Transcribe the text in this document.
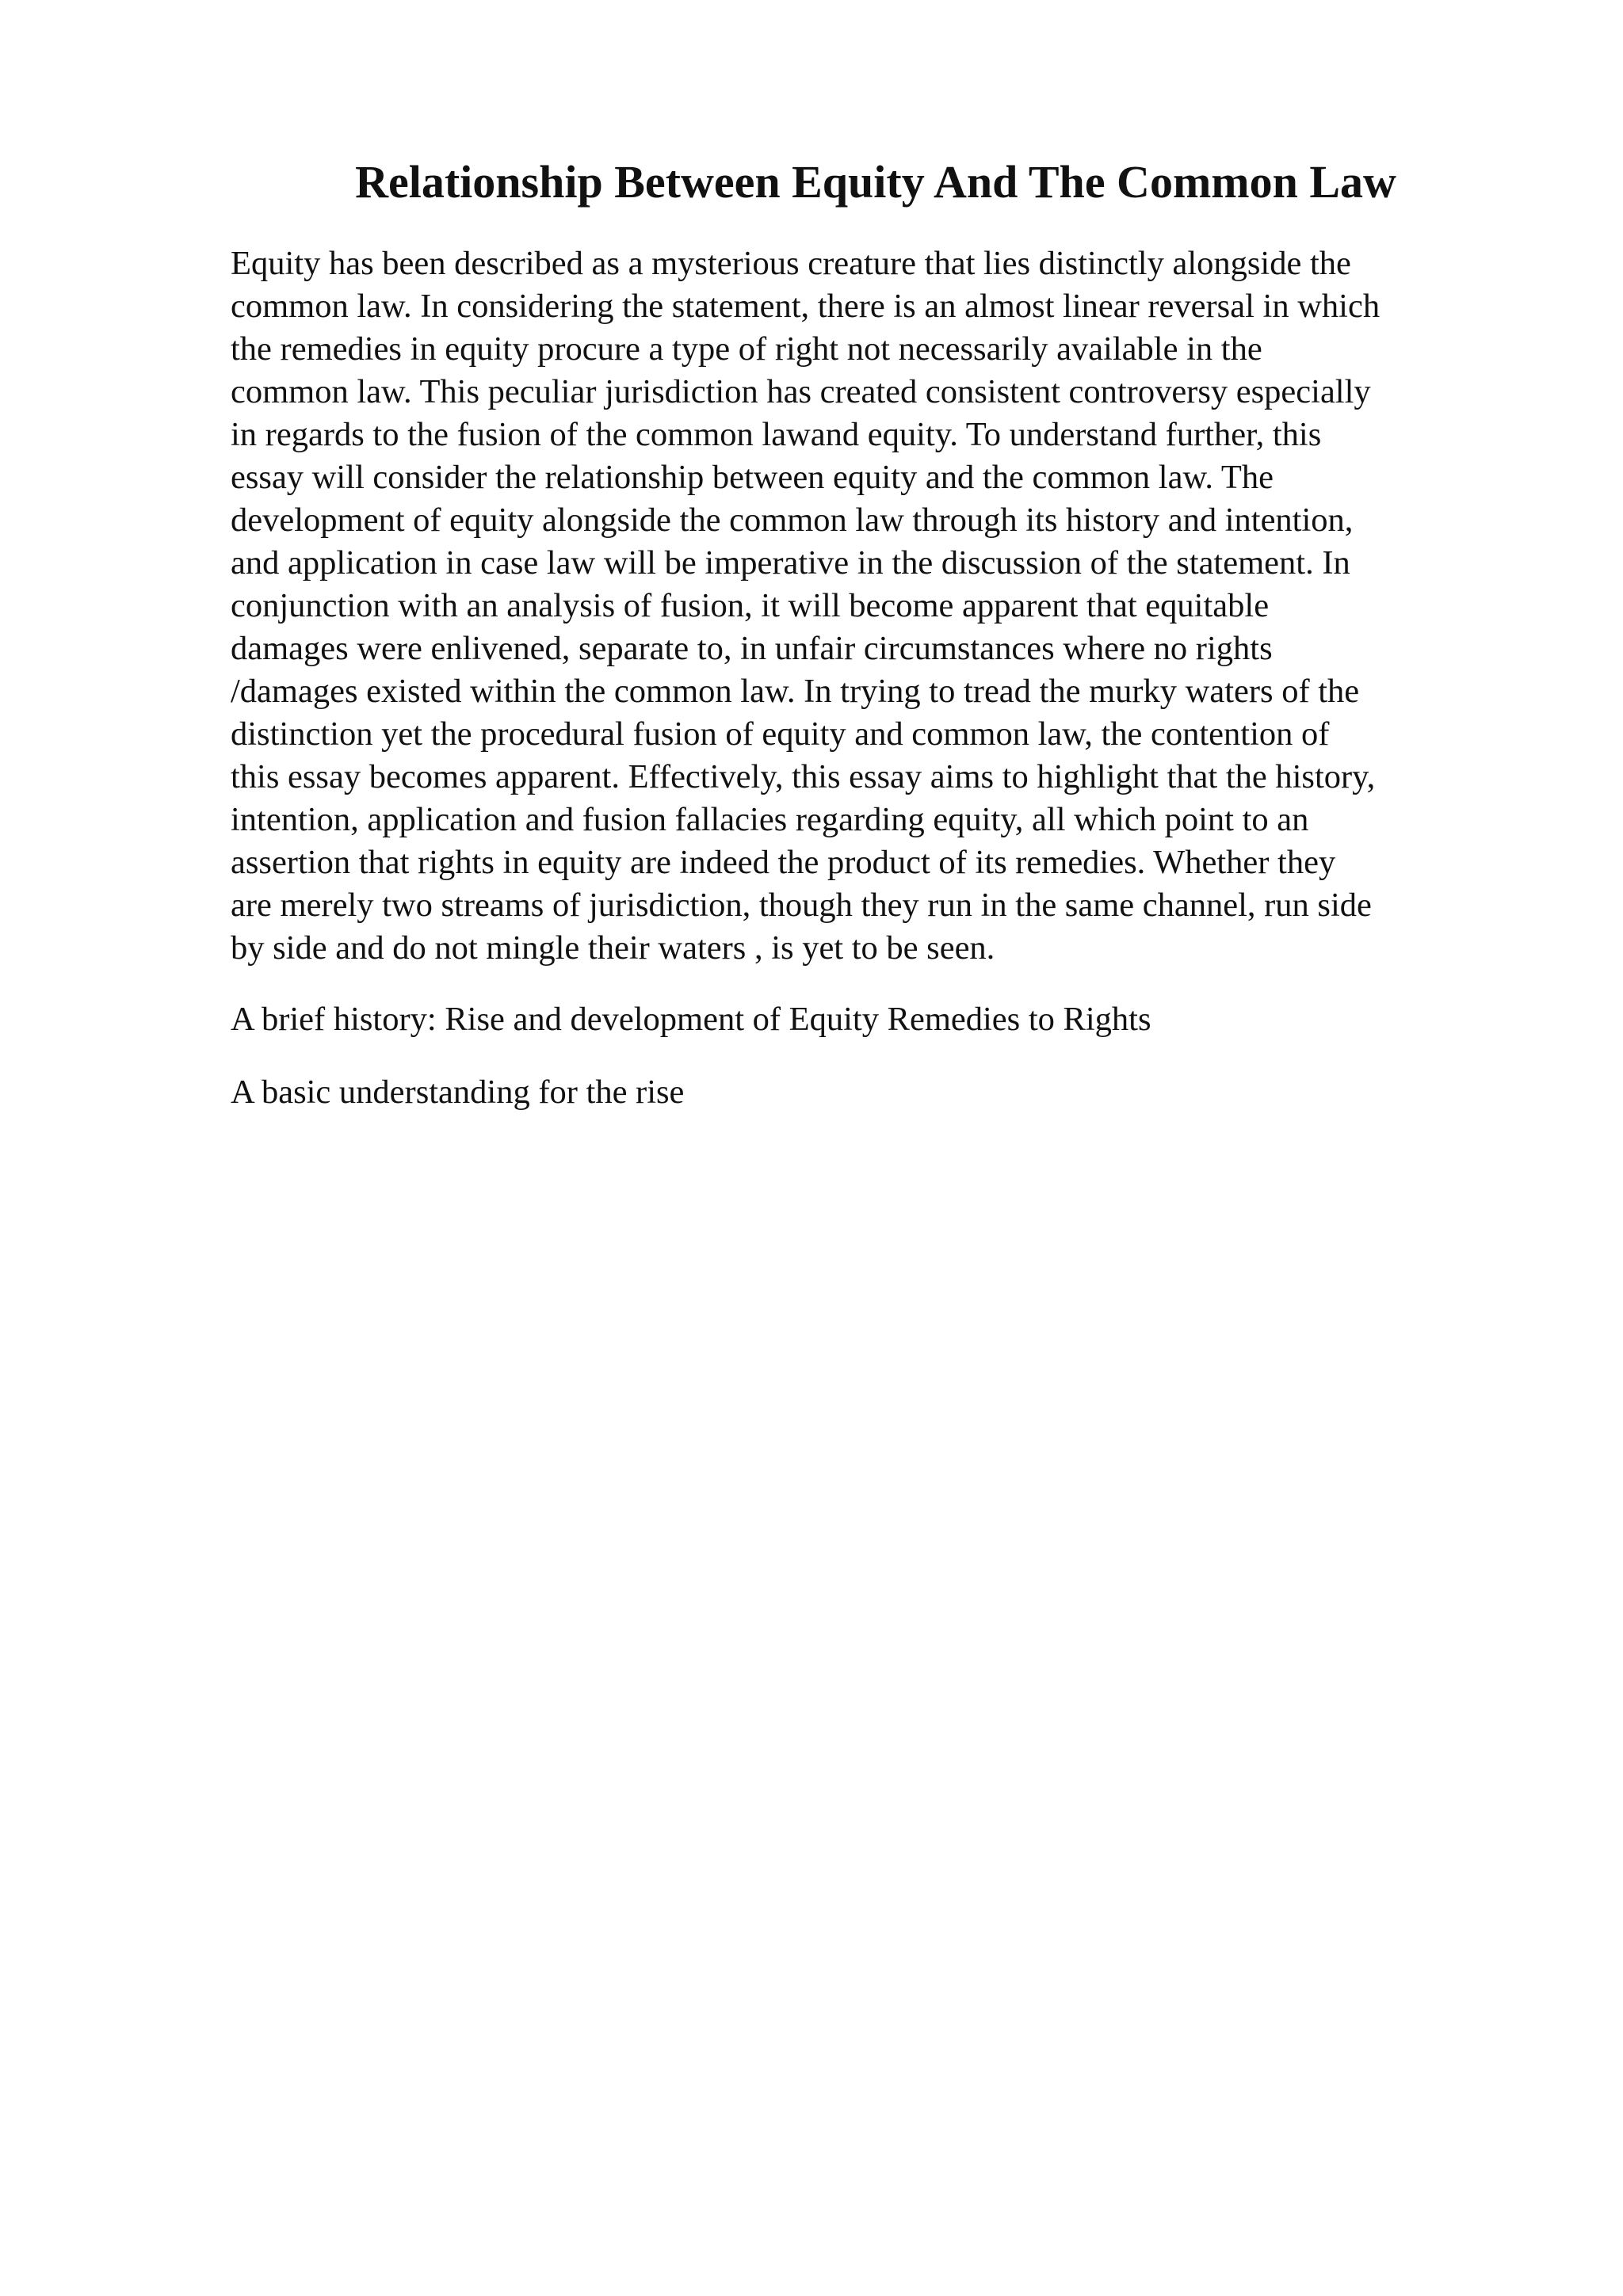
Relationship Between Equity And The Common Law
Equity has been described as a mysterious creature that lies distinctly alongside the
common law. In considering the statement, there is an almost linear reversal in which
the remedies in equity procure a type of right not necessarily available in the
common law. This peculiar jurisdiction has created consistent controversy especially
in regards to the fusion of the common lawand equity. To understand further, this
essay will consider the relationship between equity and the common law. The
development of equity alongside the common law through its history and intention,
and application in case law will be imperative in the discussion of the statement. In
conjunction with an analysis of fusion, it will become apparent that equitable
damages were enlivened, separate to, in unfair circumstances where no rights
/damages existed within the common law. In trying to tread the murky waters of the
distinction yet the procedural fusion of equity and common law, the contention of
this essay becomes apparent. Effectively, this essay aims to highlight that the history,
intention, application and fusion fallacies regarding equity, all which point to an
assertion that rights in equity are indeed the product of its remedies. Whether they
are merely two streams of jurisdiction, though they run in the same channel, run side
by side and do not mingle their waters , is yet to be seen.
A brief history: Rise and development of Equity Remedies to Rights
A basic understanding for the rise
